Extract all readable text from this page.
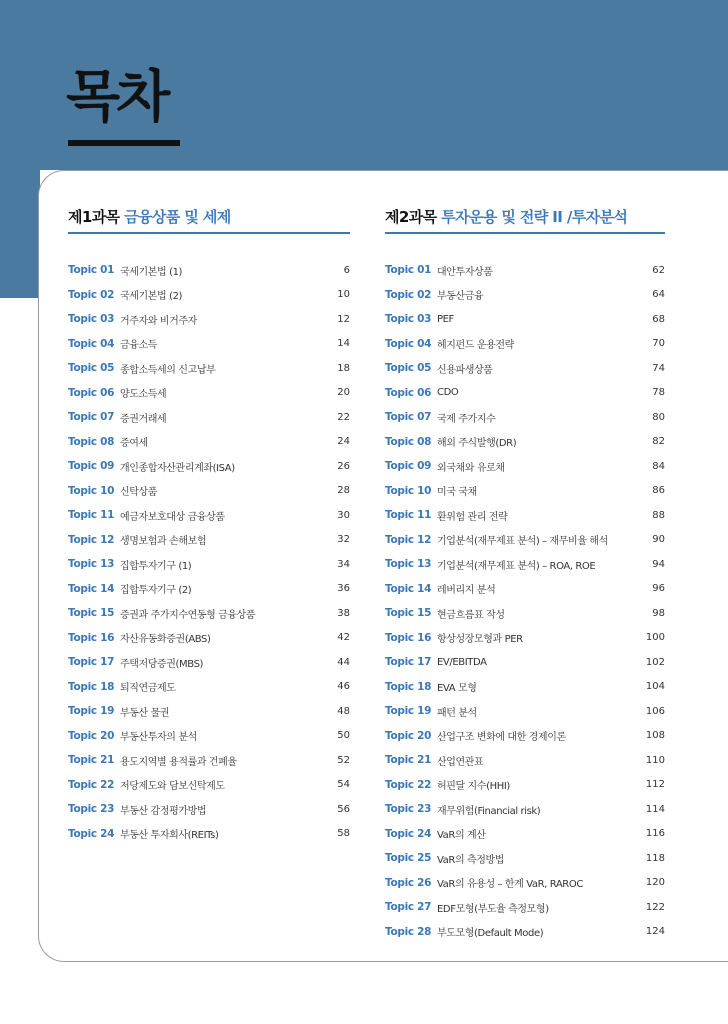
목차
제1과목 금융상품 및 세제
Topic 01 국세기본법 (1)	6
Topic 02 국세기본법 (2)	10
Topic 03 거주자와 비거주자	12
Topic 04 금융소득	14
Topic 05 종합소득세의 신고납부	18
Topic 06 양도소득세	20
Topic 07 증권거래세	22
Topic 08 증여세	24
Topic 09 개인종합자산관리계좌(ISA)	26
Topic 10 신탁상품	28
Topic 11 예금자보호대상 금융상품	30
Topic 12 생명보험과 손해보험	32
Topic 13 집합투자기구 (1)	34
Topic 14 집합투자기구 (2)	36
Topic 15 증권과 주가지수연동형 금융상품	38
Topic 16 자산유동화증권(ABS)	42
Topic 17 주택저당증권(MBS)	44
Topic 18 퇴직연금제도	46
Topic 19 부동산 물권	48
Topic 20 부동산투자의 분석	50
Topic 21 용도지역별 용적률과 건폐율	52
Topic 22 저당제도와 담보신탁제도	54
Topic 23 부동산 감정평가방법	56
Topic 24 부동산 투자회사(REITs)	58
제2과목 투자운용 및 전략 II /투자분석
Topic 01 대안투자상품	62
Topic 02 부동산금융	64
Topic 03 PEF	68
Topic 04 헤지펀드 운용전략	70
Topic 05 신용파생상품	74
Topic 06 CDO	78
Topic 07 국제 주가지수	80
Topic 08 해외 주식발행(DR)	82
Topic 09 외국채와 유로채	84
Topic 10 미국 국채	86
Topic 11 환위험 관리 전략	88
Topic 12 기업분석(재무제표 분석) – 재무비율 해석	90
Topic 13 기업분석(재무제표 분석) – ROA, ROE	94
Topic 14 레버리지 분석	96
Topic 15 현금흐름표 작성	98
Topic 16 항상성장모형과 PER	100
Topic 17 EV/EBITDA	102
Topic 18 EVA 모형	104
Topic 19 패턴 분석	106
Topic 20 산업구조 변화에 대한 경제이론	108
Topic 21 산업연관표	110
Topic 22 허핀달 지수(HHI)	112
Topic 23 재무위험(Financial risk)	114
Topic 24 VaR의 계산	116
Topic 25 VaR의 측정방법	118
Topic 26 VaR의 유용성 – 한계 VaR, RAROC	120
Topic 27 EDF모형(부도율 측정모형)	122
Topic 28 부도모형(Default Mode)	124
